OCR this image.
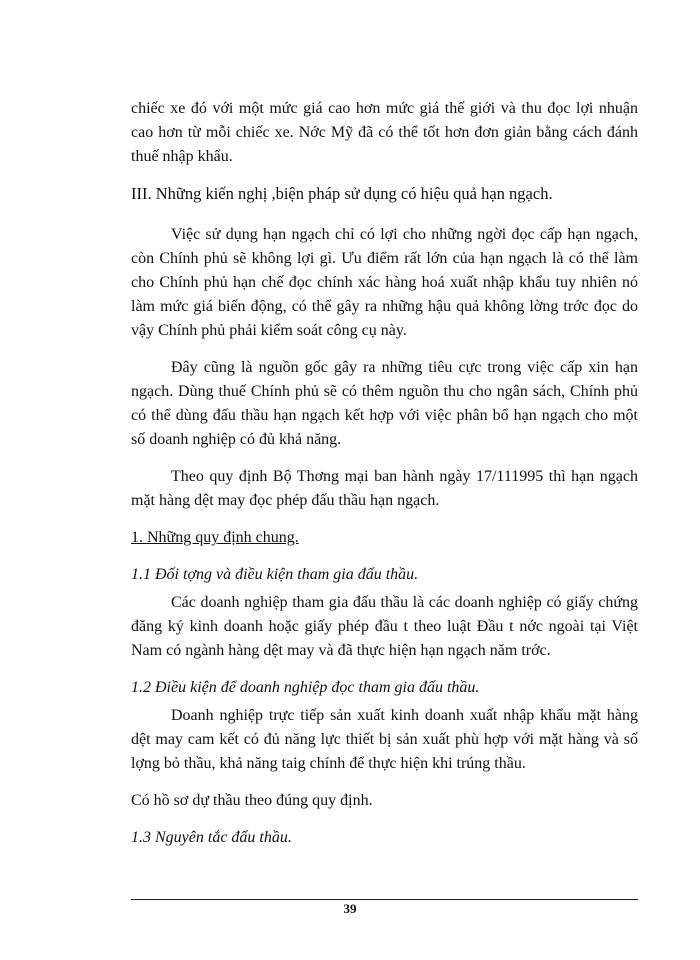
chiếc xe đó với một mức giá cao hơn mức giá thế giới và thu đọc lợi nhuận cao hơn từ mỗi chiếc xe. Nớc Mỹ đã có thể tốt hơn đơn giản bằng cách đánh thuế nhập khẩu.

III. Những kiến nghị ,biện pháp sử dụng có hiệu quả hạn ngạch.

Việc sử dụng hạn ngạch chỉ có lợi cho những ngời đọc cấp hạn ngạch, còn Chính phủ sẽ không lợi gì. Ưu điểm rất lớn của hạn ngạch là có thể làm cho Chính phủ hạn chế đọc chính xác hàng hoá xuất nhập khẩu tuy nhiên nó làm mức giá biến động, có thể gây ra những hậu quả không lờng trớc đọc do vậy Chính phủ phải kiểm soát công cụ này.

Đây cũng là nguồn gốc gây ra những tiêu cực trong việc cấp xin hạn ngạch. Dùng thuế Chính phủ sẽ có thêm nguồn thu cho ngân sách, Chính phủ có thể dùng đấu thầu hạn ngạch kết hợp với việc phân bổ hạn ngạch cho một số doanh nghiệp có đủ khả năng.

Theo quy định Bộ Thơng mại ban hành ngày 17/111995 thì hạn ngạch mặt hàng dệt may đọc phép đấu thầu hạn ngạch.

1. Những quy định chung.

1.1 Đối tợng và điều kiện tham gia đấu thầu.

Các doanh nghiệp tham gia đấu thầu là các doanh nghiệp có giấy chứng đăng ký kinh doanh hoặc giấy phép đầu t theo luật Đầu t nớc ngoài tại Việt Nam có ngành hàng dệt may và đã thực hiện hạn ngạch năm trớc.

1.2 Điều kiện để doanh nghiệp đọc tham gia đấu thầu.

Doanh nghiệp trực tiếp sản xuất kinh doanh xuất nhập khẩu mặt hàng dệt may cam kết có đủ năng lực thiết bị sản xuất phù hợp với mặt hàng và số lợng bỏ thầu, khả năng taig chính để thực hiện khi trúng thầu.

Có hồ sơ dự thầu theo đúng quy định.

1.3 Nguyên tắc đấu thầu.

39
